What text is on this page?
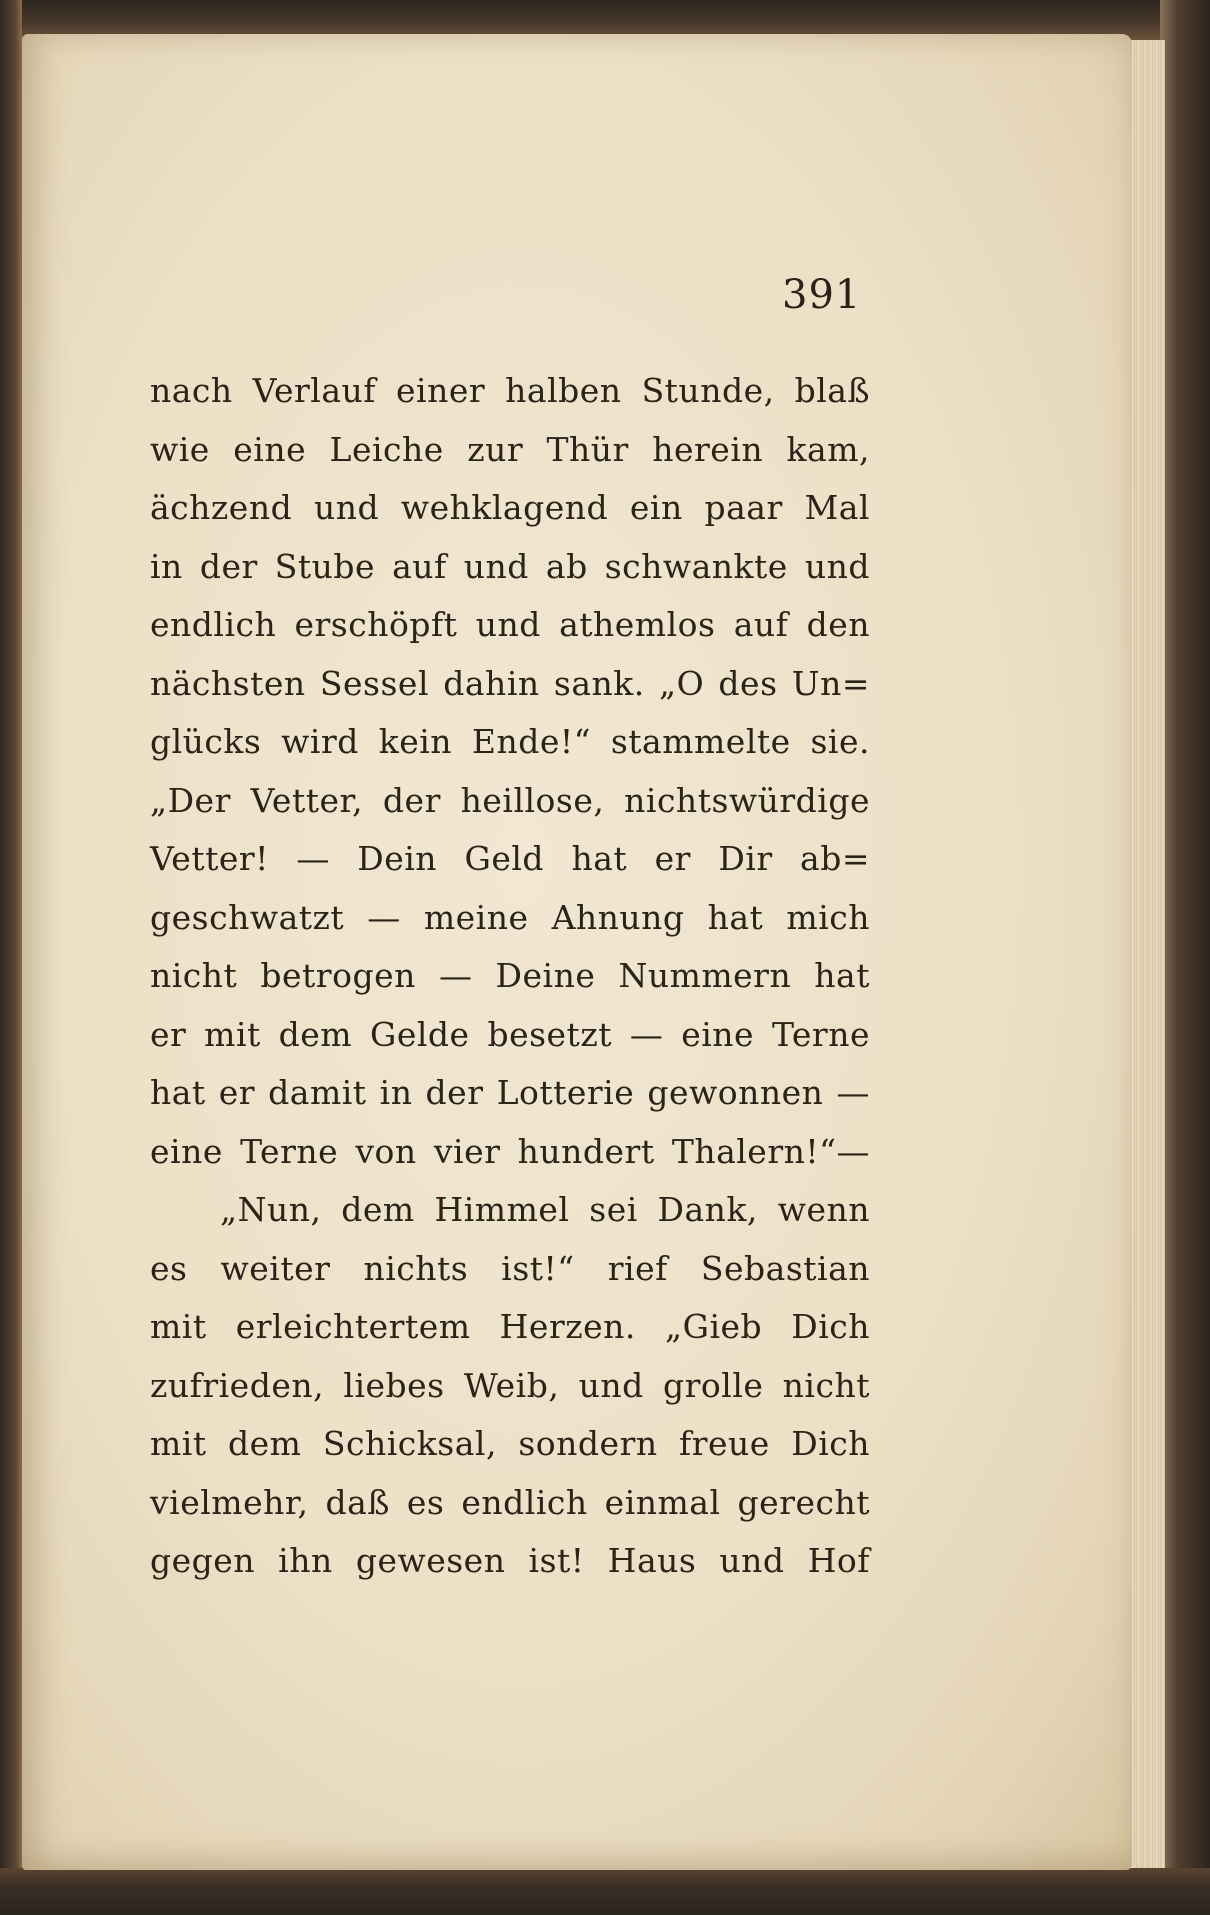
391
nach Verlauf einer halben Stunde, blaß
wie eine Leiche zur Thür herein kam,
ächzend und wehklagend ein paar Mal
in der Stube auf und ab schwankte und
endlich erschöpft und athemlos auf den
nächsten Sessel dahin sank. „O des Un=
glücks wird kein Ende!“ stammelte sie.
„Der Vetter, der heillose, nichtswürdige
Vetter! — Dein Geld hat er Dir ab=
geschwatzt — meine Ahnung hat mich
nicht betrogen — Deine Nummern hat
er mit dem Gelde besetzt — eine Terne
hat er damit in der Lotterie gewonnen —
eine Terne von vier hundert Thalern!“—
„Nun, dem Himmel sei Dank, wenn
es weiter nichts ist!“ rief Sebastian
mit erleichtertem Herzen. „Gieb Dich
zufrieden, liebes Weib, und grolle nicht
mit dem Schicksal, sondern freue Dich
vielmehr, daß es endlich einmal gerecht
gegen ihn gewesen ist! Haus und Hof
